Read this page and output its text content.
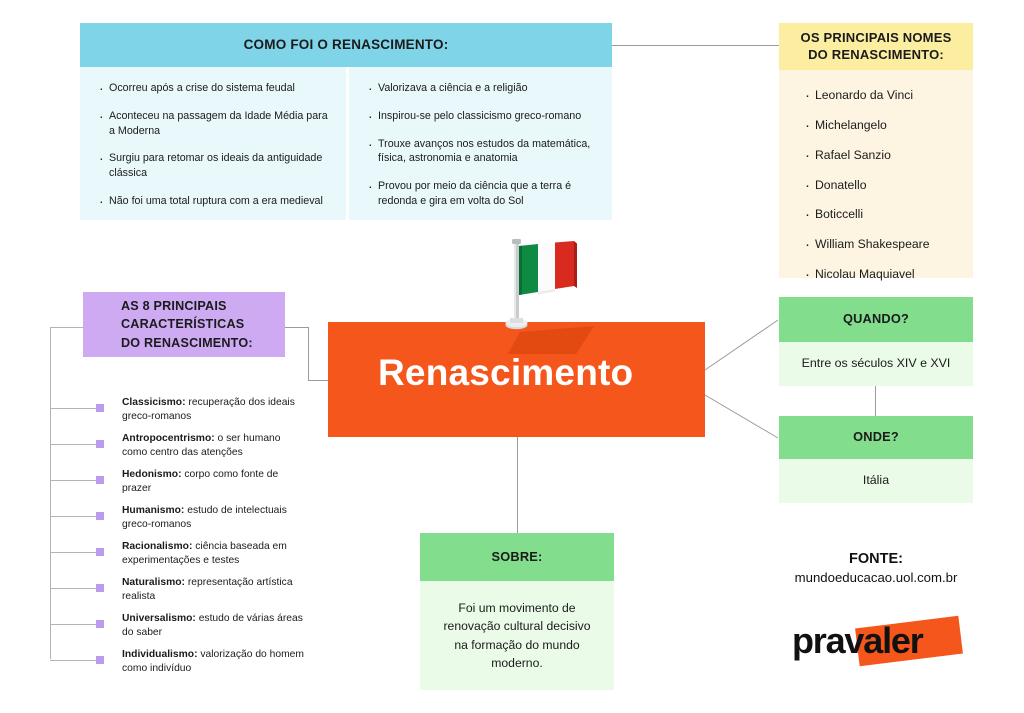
COMO FOI O RENASCIMENTO:
· Ocorreu após a crise do sistema feudal
· Aconteceu na passagem da Idade Média para a Moderna
· Surgiu para retomar os ideais da antiguidade clássica
· Não foi uma total ruptura com a era medieval
· Valorizava a ciência e a religião
· Inspirou-se pelo classicismo greco-romano
· Trouxe avanços nos estudos da matemática, física, astronomia e anatomia
· Provou por meio da ciência que a terra é redonda e gira em volta do Sol
OS PRINCIPAIS NOMES
DO RENASCIMENTO:
· Leonardo da Vinci
· Michelangelo
· Rafael Sanzio
· Donatello
· Boticcelli
· William Shakespeare
· Nicolau Maquiavel
AS 8 PRINCIPAIS
CARACTERÍSTICAS
DO RENASCIMENTO:
Classicismo: recuperação dos ideais greco-romanos
Antropocentrismo: o ser humano como centro das atenções
Hedonismo: corpo como fonte de prazer
Humanismo: estudo de intelectuais greco-romanos
Racionalismo: ciência baseada em experimentações e testes
Naturalismo: representação artística realista
Universalismo: estudo de várias áreas do saber
Individualismo: valorização do homem como indivíduo
Renascimento
QUANDO?
Entre os séculos XIV e XVI
ONDE?
Itália
SOBRE:
Foi um movimento de renovação cultural decisivo na formação do mundo moderno.
FONTE:
mundoeducacao.uol.com.br
pravaler
